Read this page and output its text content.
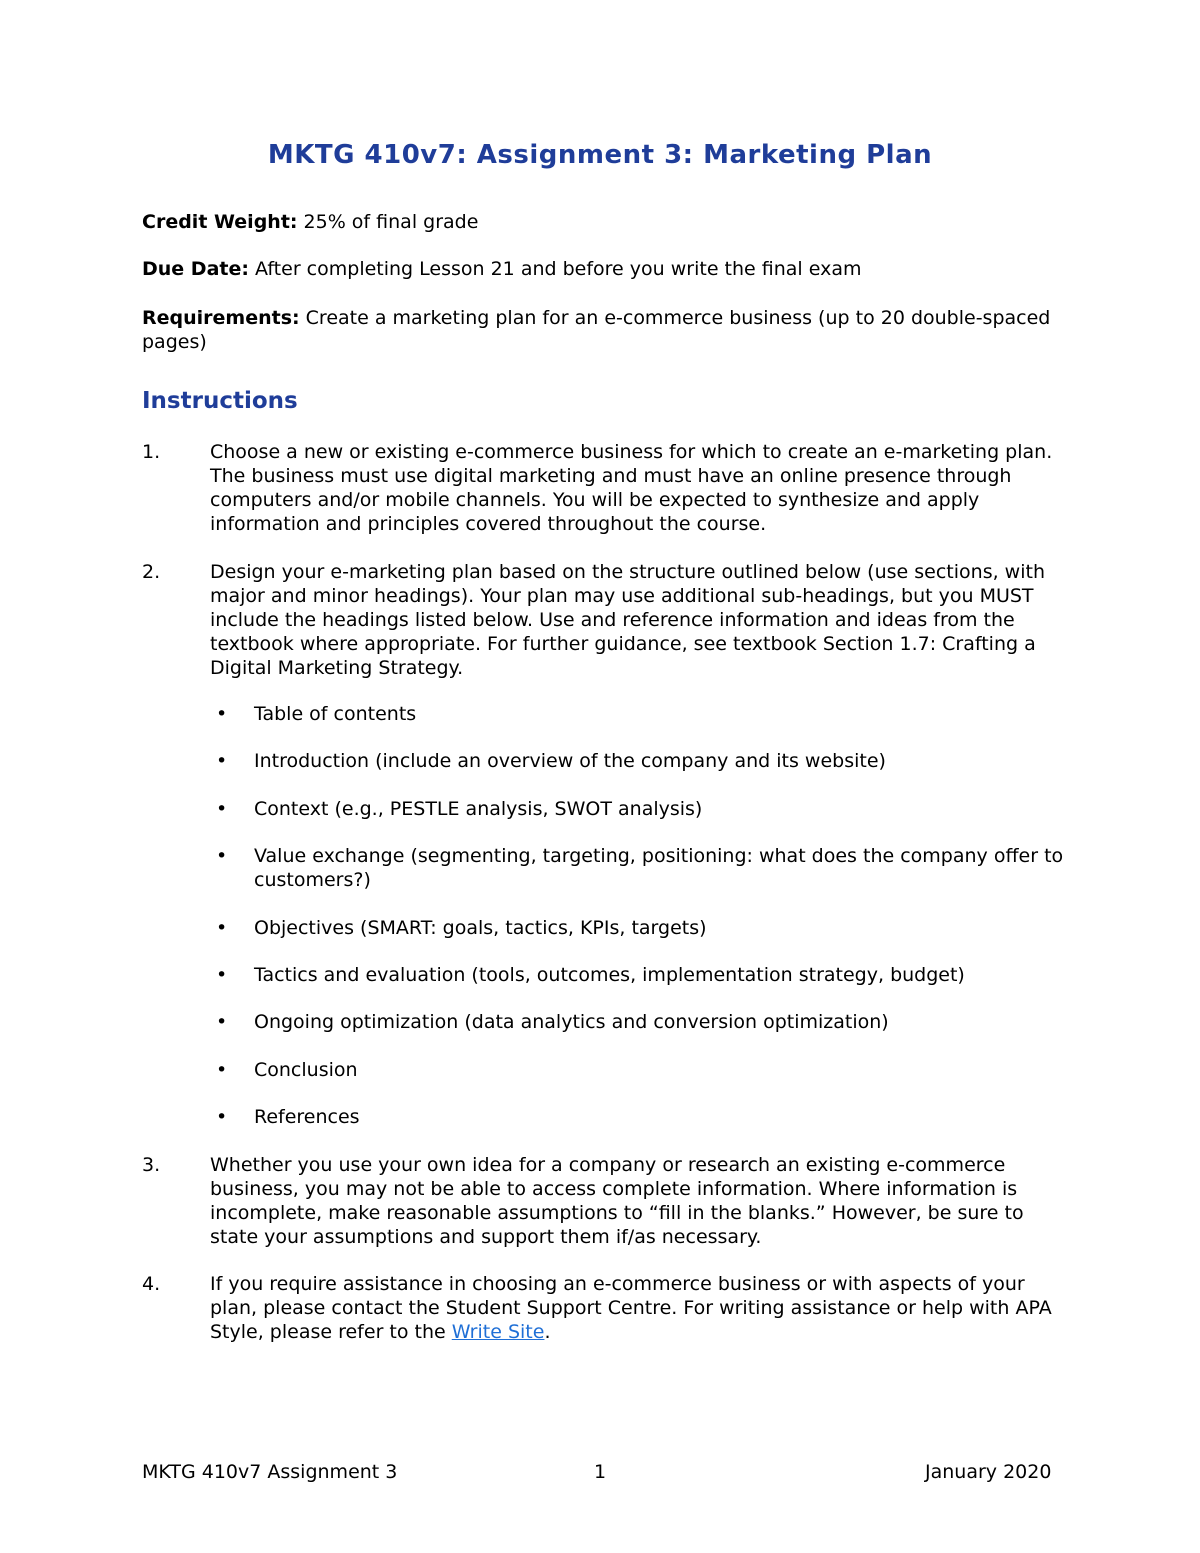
MKTG 410v7: Assignment 3: Marketing Plan
Credit Weight: 25% of final grade
Due Date: After completing Lesson 21 and before you write the final exam
Requirements: Create a marketing plan for an e-commerce business (up to 20 double-spaced pages)
Instructions
1.	Choose a new or existing e-commerce business for which to create an e-marketing plan. The business must use digital marketing and must have an online presence through computers and/or mobile channels. You will be expected to synthesize and apply information and principles covered throughout the course.
2.	Design your e-marketing plan based on the structure outlined below (use sections, with major and minor headings). Your plan may use additional sub-headings, but you MUST include the headings listed below. Use and reference information and ideas from the textbook where appropriate. For further guidance, see textbook Section 1.7: Crafting a Digital Marketing Strategy.
• Table of contents
• Introduction (include an overview of the company and its website)
• Context (e.g., PESTLE analysis, SWOT analysis)
• Value exchange (segmenting, targeting, positioning: what does the company offer to customers?)
• Objectives (SMART: goals, tactics, KPIs, targets)
• Tactics and evaluation (tools, outcomes, implementation strategy, budget)
• Ongoing optimization (data analytics and conversion optimization)
• Conclusion
• References
3.	Whether you use your own idea for a company or research an existing e-commerce business, you may not be able to access complete information. Where information is incomplete, make reasonable assumptions to “fill in the blanks.” However, be sure to state your assumptions and support them if/as necessary.
4.	If you require assistance in choosing an e-commerce business or with aspects of your plan, please contact the Student Support Centre. For writing assistance or help with APA Style, please refer to the Write Site.
MKTG 410v7 Assignment 3	1	January 2020
